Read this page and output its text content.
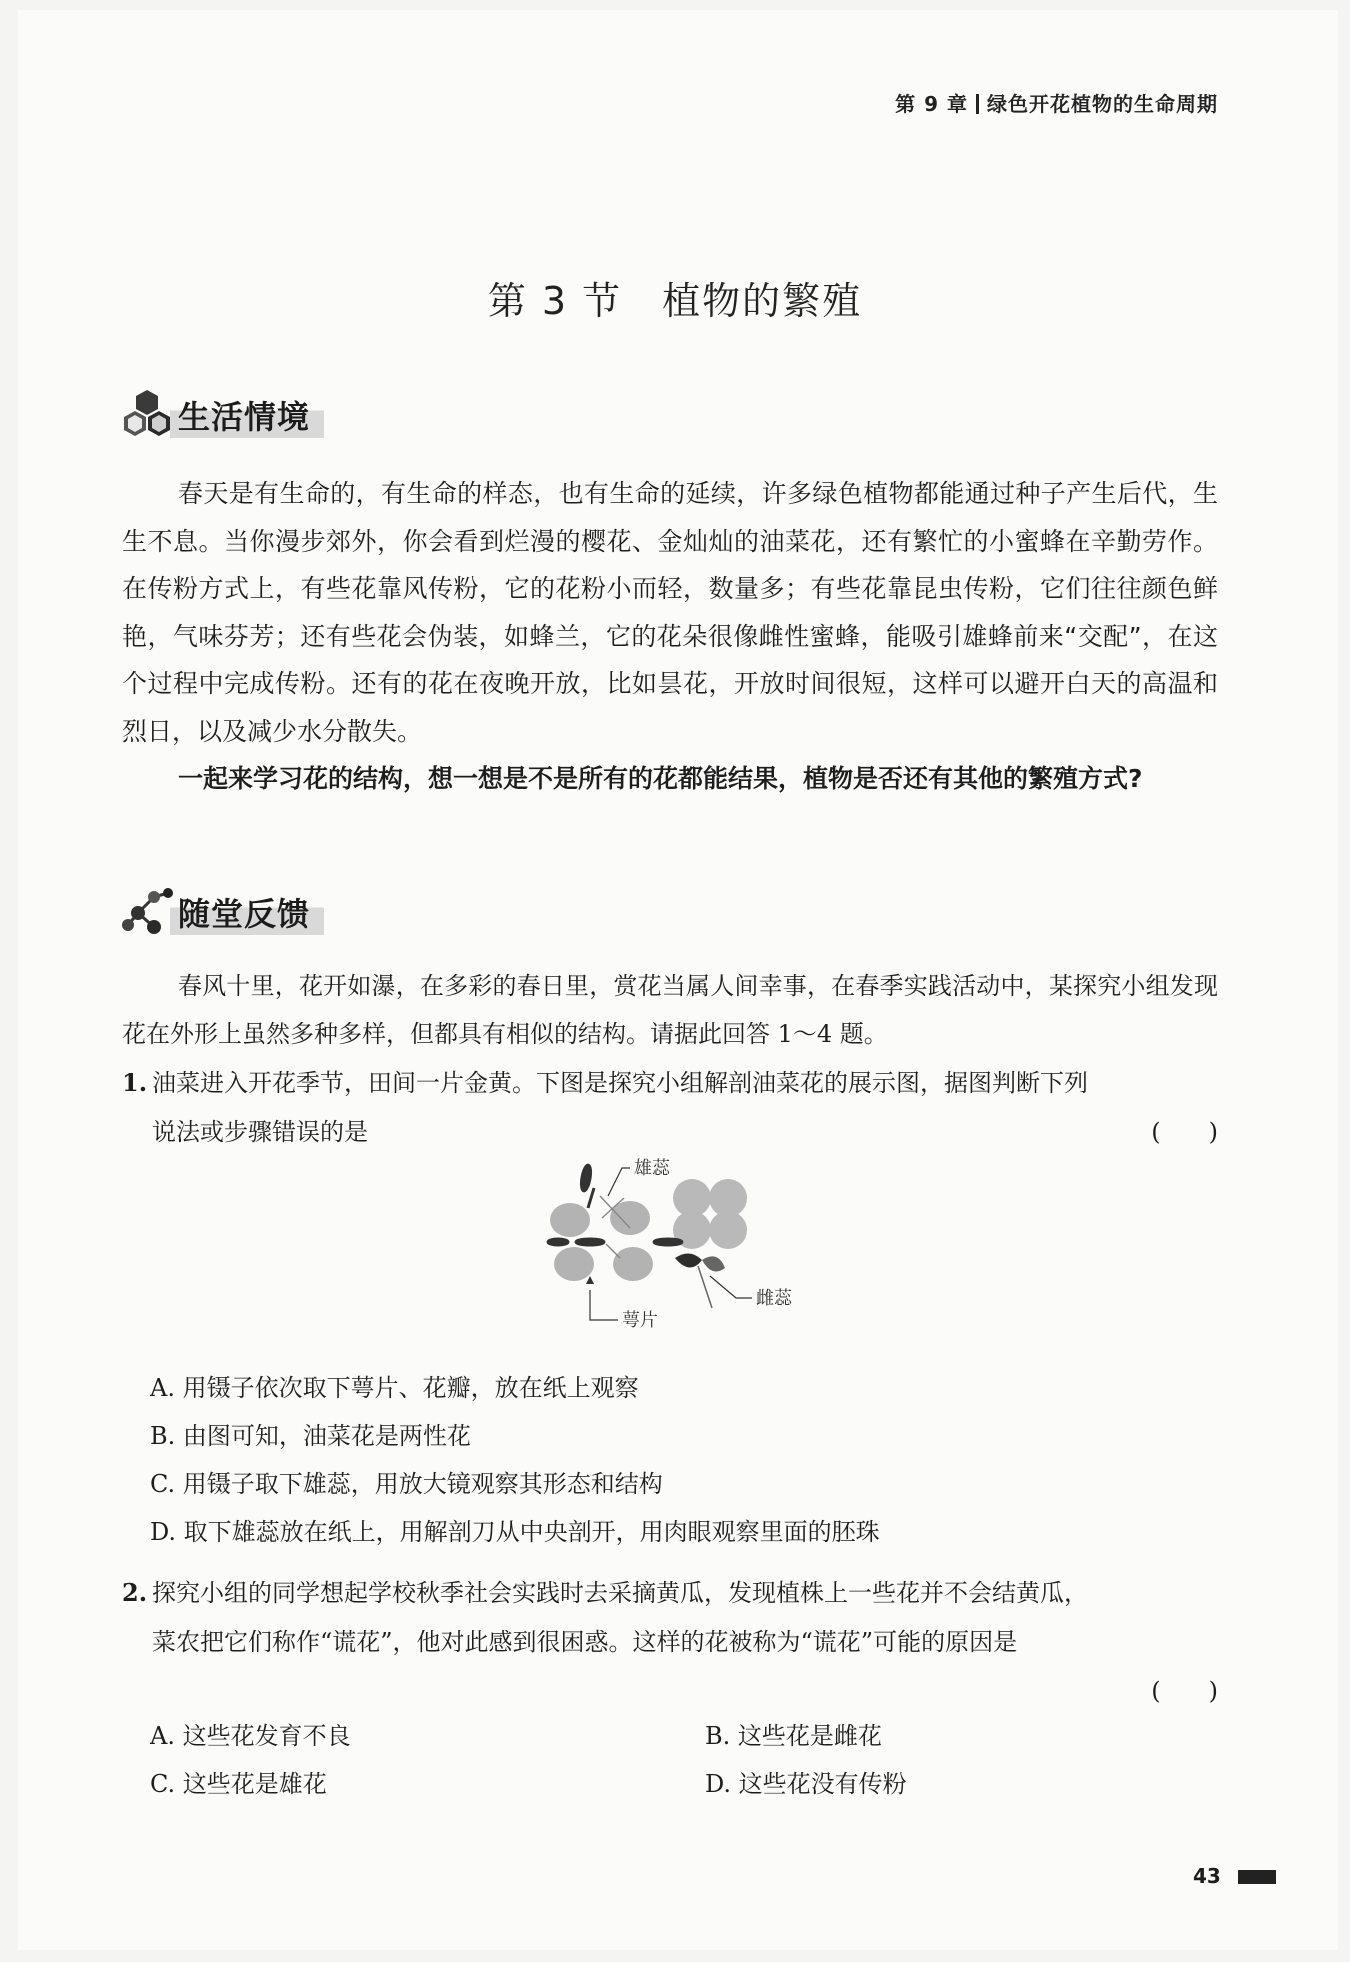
第 9 章 绿色开花植物的生命周期
第 3 节 植物的繁殖
生活情境
春天是有生命的，有生命的样态，也有生命的延续，许多绿色植物都能通过种子产生后代，生生不息。当你漫步郊外，你会看到烂漫的樱花、金灿灿的油菜花，还有繁忙的小蜜蜂在辛勤劳作。在传粉方式上，有些花靠风传粉，它的花粉小而轻，数量多；有些花靠昆虫传粉，它们往往颜色鲜艳，气味芬芳；还有些花会伪装，如蜂兰，它的花朵很像雌性蜜蜂，能吸引雄蜂前来“交配”，在这个过程中完成传粉。还有的花在夜晚开放，比如昙花，开放时间很短，这样可以避开白天的高温和烈日，以及减少水分散失。
一起来学习花的结构，想一想是不是所有的花都能结果，植物是否还有其他的繁殖方式?
随堂反馈
春风十里，花开如瀑，在多彩的春日里，赏花当属人间幸事，在春季实践活动中，某探究小组发现花在外形上虽然多种多样，但都具有相似的结构。请据此回答 1～4 题。
1. 油菜进入开花季节，田间一片金黄。下图是探究小组解剖油菜花的展示图，据图判断下列
说法或步骤错误的是	(　　)
雄蕊
雌蕊
萼片
A. 用镊子依次取下萼片、花瓣，放在纸上观察
B. 由图可知，油菜花是两性花
C. 用镊子取下雄蕊，用放大镜观察其形态和结构
D. 取下雄蕊放在纸上，用解剖刀从中央剖开，用肉眼观察里面的胚珠
2. 探究小组的同学想起学校秋季社会实践时去采摘黄瓜，发现植株上一些花并不会结黄瓜，
菜农把它们称作“谎花”，他对此感到很困惑。这样的花被称为“谎花”可能的原因是
(　　)
A. 这些花发育不良	B. 这些花是雌花
C. 这些花是雄花	D. 这些花没有传粉
43
